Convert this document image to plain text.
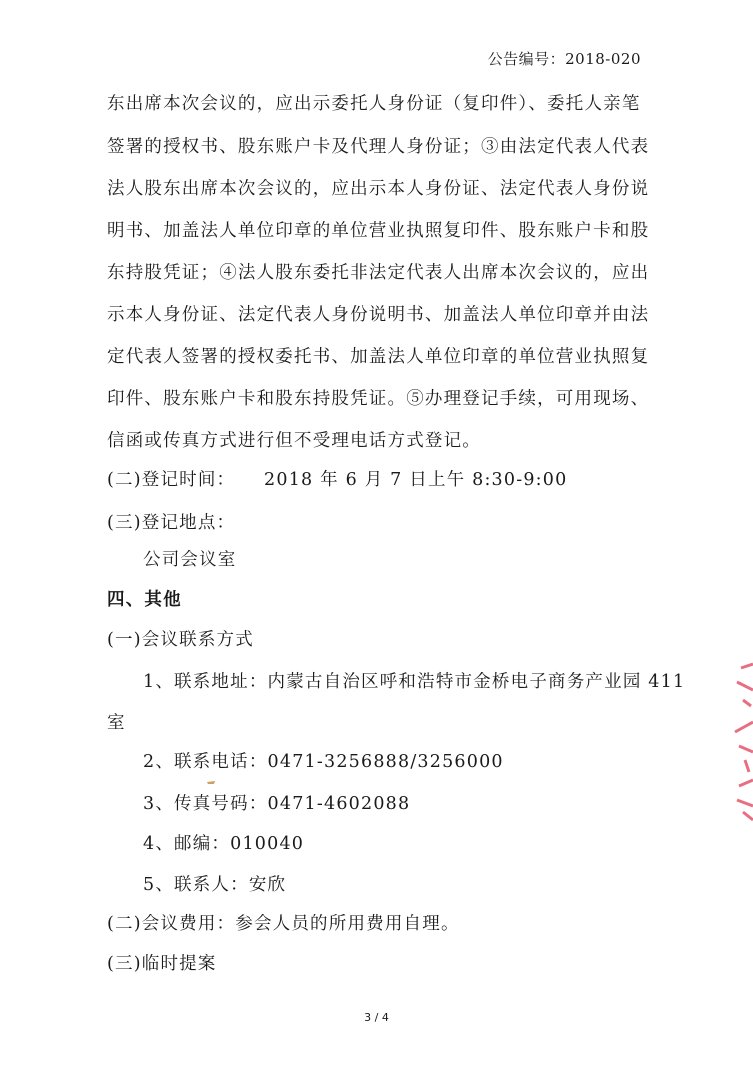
公告编号：2018-020
东出席本次会议的，应出示委托人身份证（复印件）、委托人亲笔
签署的授权书、股东账户卡及代理人身份证；③由法定代表人代表
法人股东出席本次会议的，应出示本人身份证、法定代表人身份说
明书、加盖法人单位印章的单位营业执照复印件、股东账户卡和股
东持股凭证；④法人股东委托非法定代表人出席本次会议的，应出
示本人身份证、法定代表人身份说明书、加盖法人单位印章并由法
定代表人签署的授权委托书、加盖法人单位印章的单位营业执照复
印件、股东账户卡和股东持股凭证。⑤办理登记手续，可用现场、
信函或传真方式进行但不受理电话方式登记。
(二)登记时间： 2018 年 6 月 7 日上午 8:30-9:00
(三)登记地点：
公司会议室
四、其他
(一)会议联系方式
1、联系地址：内蒙古自治区呼和浩特市金桥电子商务产业园 411
室
2、联系电话：0471-3256888/3256000
3、传真号码：0471-4602088
4、邮编：010040
5、联系人：安欣
(二)会议费用：参会人员的所用费用自理。
(三)临时提案
3 / 4
